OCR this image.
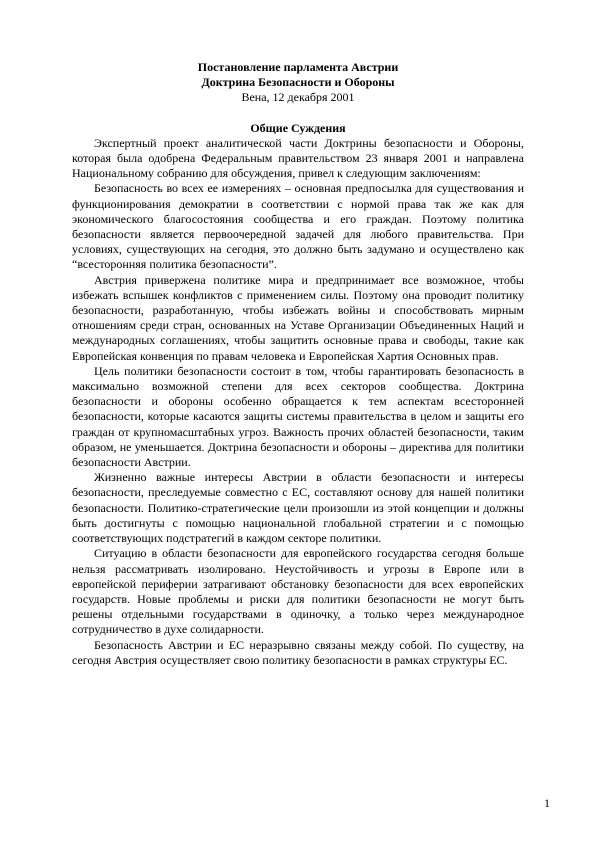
Постановление парламента Австрии
Доктрина Безопасности и Обороны
Вена, 12 декабря 2001
Общие Суждения

Экспертный проект аналитической части Доктрины безопасности и Обороны, которая была одобрена Федеральным правительством 23 января 2001 и направлена Национальному собранию для обсуждения, привел к следующим заключениям:

Безопасность во всех ее измерениях – основная предпосылка для существования и функционирования демократии в соответствии с нормой права так же как для экономического благосостояния сообщества и его граждан. Поэтому политика безопасности является первоочередной задачей для любого правительства. При условиях, существующих на сегодня, это должно быть задумано и осуществлено как “всесторонняя политика безопасности”.

Австрия привержена политике мира и предпринимает все возможное, чтобы избежать вспышек конфликтов с применением силы. Поэтому она проводит политику безопасности, разработанную, чтобы избежать войны и способствовать мирным отношениям среди стран, основанных на Уставе Организации Объединенных Наций и международных соглашениях, чтобы защитить основные права и свободы, такие как Европейская конвенция по правам человека и Европейская Хартия Основных прав.

Цель политики безопасности состоит в том, чтобы гарантировать безопасность в максимально возможной степени для всех секторов сообщества. Доктрина безопасности и обороны особенно обращается к тем аспектам всесторонней безопасности, которые касаются защиты системы правительства в целом и защиты его граждан от крупномасштабных угроз. Важность прочих областей безопасности, таким образом, не уменьшается. Доктрина безопасности и обороны – директива для политики безопасности Австрии.

Жизненно важные интересы Австрии в области безопасности и интересы безопасности, преследуемые совместно с ЕС, составляют основу для нашей политики безопасности. Политико-стратегические цели произошли из этой концепции и должны быть достигнуты с помощью национальной глобальной стратегии и с помощью соответствующих подстратегий в каждом секторе политики.

Ситуацию в области безопасности для европейского государства сегодня больше нельзя рассматривать изолировано. Неустойчивость и угрозы в Европе или в европейской периферии затрагивают обстановку безопасности для всех европейских государств. Новые проблемы и риски для политики безопасности не могут быть решены отдельными государствами в одиночку, а только через международное сотрудничество в духе солидарности.

Безопасность Австрии и ЕС неразрывно связаны между собой. По существу, на сегодня Австрия осуществляет свою политику безопасности в рамках структуры ЕС.

1
